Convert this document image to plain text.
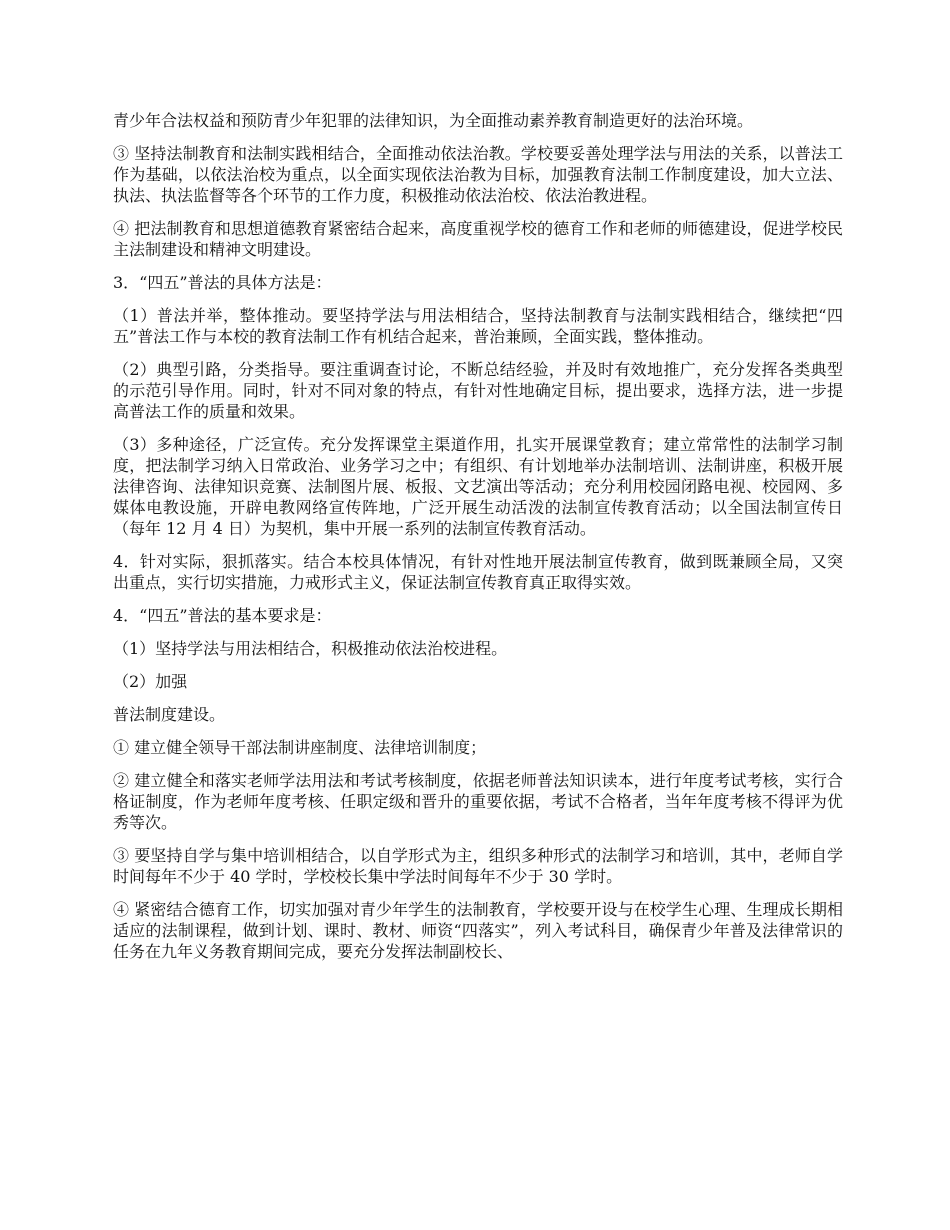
青少年合法权益和预防青少年犯罪的法律知识，为全面推动素养教育制造更好的法治环境。

③ 坚持法制教育和法制实践相结合，全面推动依法治教。学校要妥善处理学法与用法的关系，以普法工作为基础，以依法治校为重点，以全面实现依法治教为目标，加强教育法制工作制度建设，加大立法、执法、执法监督等各个环节的工作力度，积极推动依法治校、依法治教进程。

④ 把法制教育和思想道德教育紧密结合起来，高度重视学校的德育工作和老师的师德建设，促进学校民主法制建设和精神文明建设。

3．“四五”普法的具体方法是：

（1）普法并举，整体推动。要坚持学法与用法相结合，坚持法制教育与法制实践相结合，继续把“四五”普法工作与本校的教育法制工作有机结合起来，普治兼顾，全面实践，整体推动。

（2）典型引路，分类指导。要注重调查讨论，不断总结经验，并及时有效地推广，充分发挥各类典型的示范引导作用。同时，针对不同对象的特点，有针对性地确定目标，提出要求，选择方法，进一步提高普法工作的质量和效果。

（3）多种途径，广泛宣传。充分发挥课堂主渠道作用，扎实开展课堂教育；建立常常性的法制学习制度，把法制学习纳入日常政治、业务学习之中；有组织、有计划地举办法制培训、法制讲座，积极开展法律咨询、法律知识竞赛、法制图片展、板报、文艺演出等活动；充分利用校园闭路电视、校园网、多媒体电教设施，开辟电教网络宣传阵地，广泛开展生动活泼的法制宣传教育活动；以全国法制宣传日（每年 12 月 4 日）为契机，集中开展一系列的法制宣传教育活动。

4．针对实际，狠抓落实。结合本校具体情况，有针对性地开展法制宣传教育，做到既兼顾全局，又突出重点，实行切实措施，力戒形式主义，保证法制宣传教育真正取得实效。

4．“四五”普法的基本要求是：

（1）坚持学法与用法相结合，积极推动依法治校进程。

（2）加强

普法制度建设。

① 建立健全领导干部法制讲座制度、法律培训制度；

② 建立健全和落实老师学法用法和考试考核制度，依据老师普法知识读本，进行年度考试考核，实行合格证制度，作为老师年度考核、任职定级和晋升的重要依据，考试不合格者，当年年度考核不得评为优秀等次。

③ 要坚持自学与集中培训相结合，以自学形式为主，组织多种形式的法制学习和培训，其中，老师自学时间每年不少于 40 学时，学校校长集中学法时间每年不少于 30 学时。

④ 紧密结合德育工作，切实加强对青少年学生的法制教育，学校要开设与在校学生心理、生理成长期相适应的法制课程，做到计划、课时、教材、师资“四落实”，列入考试科目，确保青少年普及法律常识的任务在九年义务教育期间完成，要充分发挥法制副校长、
